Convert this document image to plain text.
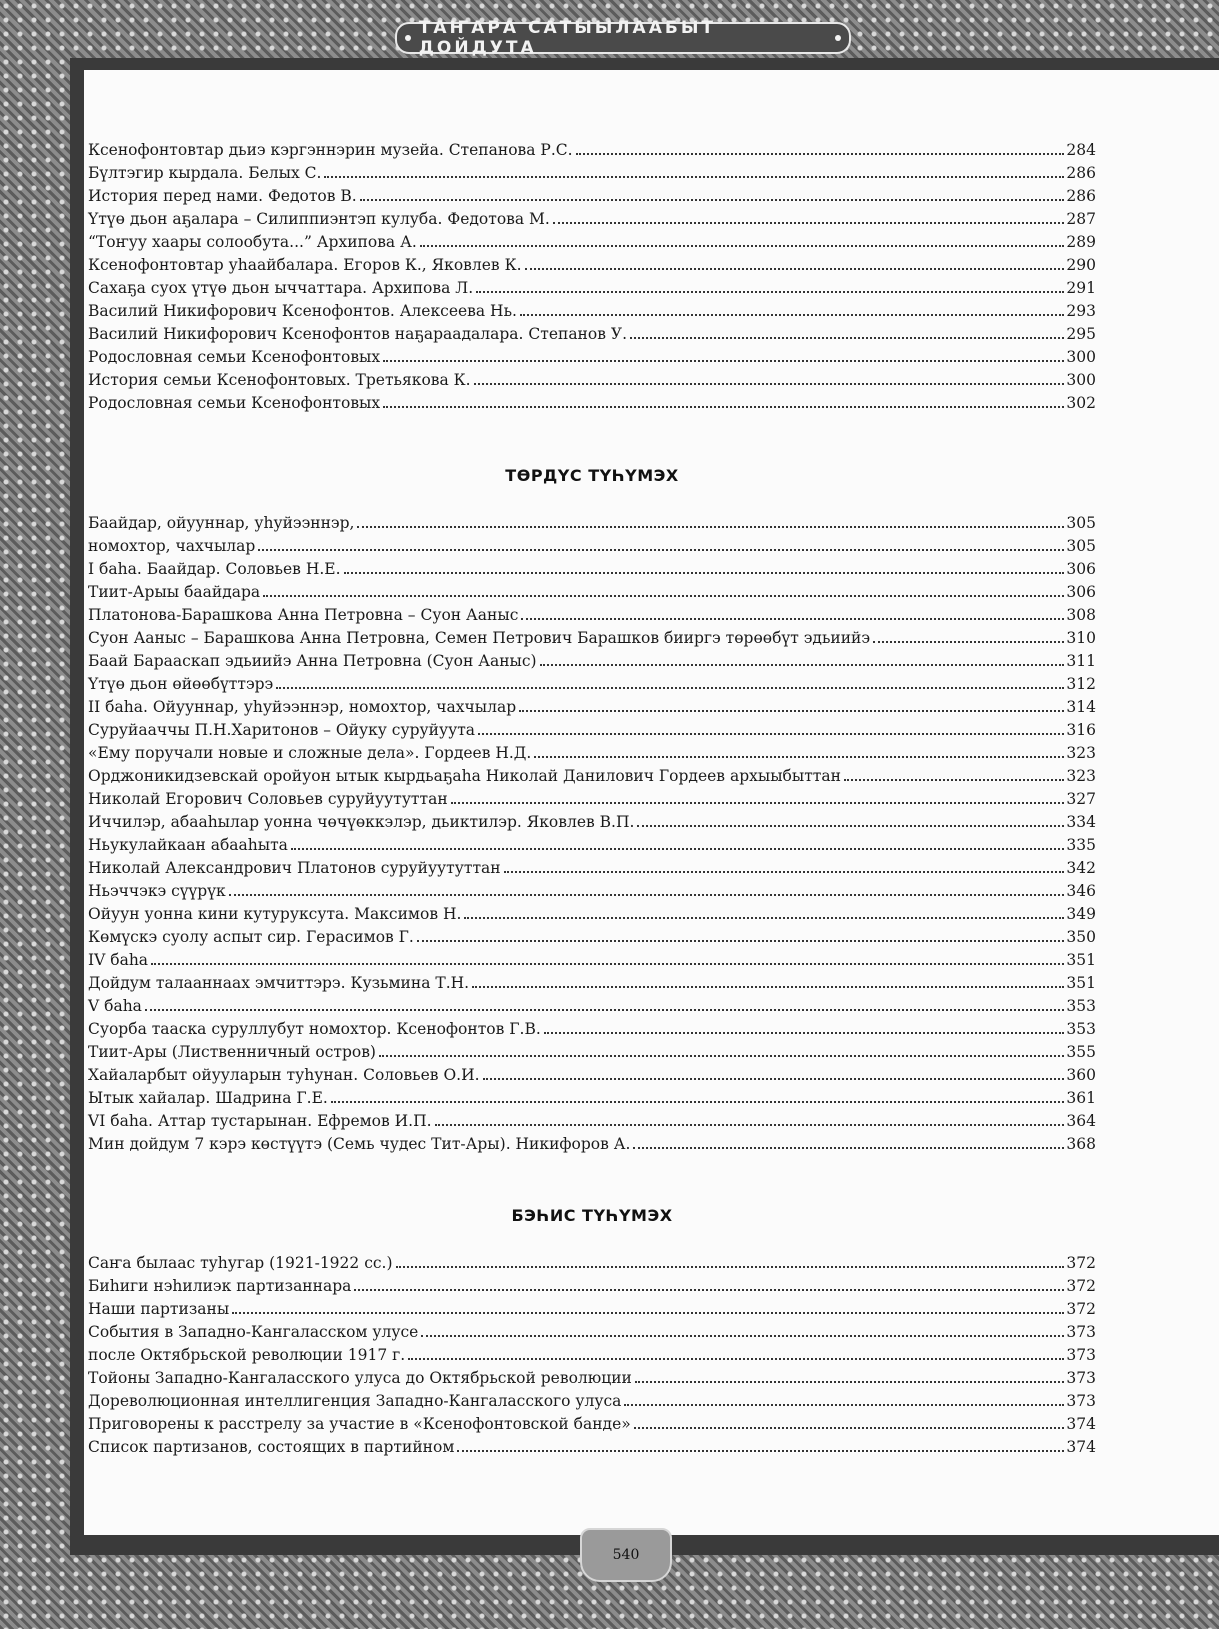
ТАҤАРА САТЫЫЛААБЫТ ДОЙДУТА
Ксенофонтовтар дьиэ кэргэннэрин музейа. Степанова Р.С.	284
Бүлтэгир кырдала. Белых С.	286
История перед нами. Федотов В.	286
Үтүө дьон аҕалара – Силиппиэнтэп кулуба. Федотова М.	287
“Тоҥуу хаары солообута...” Архипова А.	289
Ксенофонтовтар уһаайбалара. Егоров К., Яковлев К.	290
Сахаҕа суох үтүө дьон ыччаттара. Архипова Л.	291
Василий Никифорович Ксенофонтов. Алексеева Нь.	293
Василий Никифорович Ксенофонтов наҕараадалара. Степанов У.	295
Родословная семьи Ксенофонтовых	300
История семьи Ксенофонтовых. Третьякова К.	300
Родословная семьи Ксенофонтовых	302
ТӨРДҮС ТҮҺҮМЭХ
Баайдар, ойууннар, уһуйээннэр,	305
номохтор, чахчылар	305
I баһа. Баайдар. Соловьев Н.Е.	306
Тиит-Арыы баайдара	306
Платонова-Барашкова Анна Петровна – Суон Ааныс	308
Суон Ааныс – Барашкова Анна Петровна, Семен Петрович Барашков бииргэ төрөөбүт эдьиийэ	310
Баай Бараaскап эдьиийэ Анна Петровна (Суон Ааныс)	311
Үтүө дьон өйөөбүттэрэ	312
II баһа. Ойууннар, уһуйээннэр, номохтор, чахчылар	314
Суруйааччы П.Н.Харитонов – Ойуку суруйуута	316
«Ему поручали новые и сложные дела». Гордеев Н.Д.	323
Орджоникидзевскай оройуон ытык кырдьаҕаһа Николай Данилович Гордеев архыыбыттан	323
Николай Егорович Соловьев суруйуутуттан	327
Иччилэр, абааһылар уонна чөчүөккэлэр, дьиктилэр. Яковлев В.П.	334
Ньукулайкаан абааһыта	335
Николай Александрович Платонов суруйуутуттан	342
Ньэччэкэ сүүрүк	346
Ойуун уонна кини кутуруксута. Максимов Н.	349
Көмүскэ суолу аспыт сир. Герасимов Г.	350
IV баһа	351
Дойдум талааннаах эмчиттэрэ. Кузьмина Т.Н.	351
V баһа	353
Суорба тааска суруллубут номохтор. Ксенофонтов Г.В.	353
Тиит-Ары (Лиственничный остров)	355
Хайаларбыт ойууларын туһунан. Соловьев О.И.	360
Ытык хайалар. Шадрина Г.Е.	361
VI баһа. Аттар тустарынан. Ефремов И.П.	364
Мин дойдум 7 кэрэ көстүүтэ (Семь чудес Тит-Ары). Никифоров А.	368
БЭҺИС ТҮҺҮМЭХ
Саҥа былаас туһугар (1921-1922 сс.)	372
Биһиги нэһилиэк партизаннара	372
Наши партизаны	372
События в Западно-Кангаласском улусе	373
после Октябрьской революции 1917 г.	373
Тойоны Западно-Кангаласского улуса до Октябрьской революции	373
Дореволюционная интеллигенция Западно-Кангаласского улуса	373
Приговорены к расстрелу за участие в «Ксенофонтовской банде»	374
Список партизанов, состоящих в партийном	374
540
